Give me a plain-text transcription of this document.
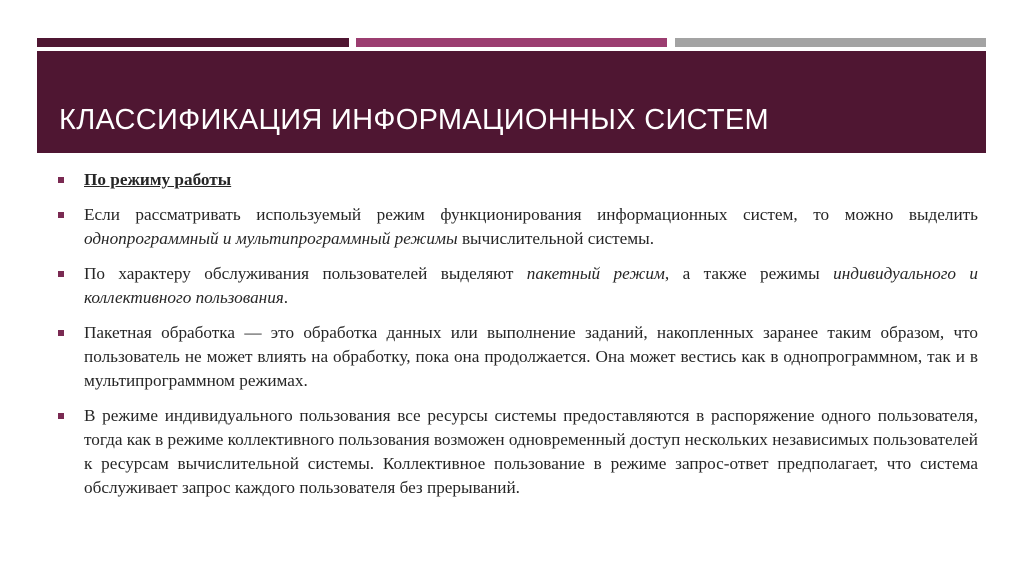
КЛАССИФИКАЦИЯ ИНФОРМАЦИОННЫХ СИСТЕМ
По режиму работы
Если рассматривать используемый режим функционирования информационных систем, то можно выделить однопрограммный и мультипрограммный режимы вычислительной системы.
По характеру обслуживания пользователей выделяют пакетный режим, а также режимы индивидуального и коллективного пользования.
Пакетная обработка — это обработка данных или выполнение заданий, накопленных заранее таким образом, что пользователь не может влиять на обработку, пока она продолжается. Она может вестись как в однопрограммном, так и в мультипрограммном режимах.
В режиме индивидуального пользования все ресурсы системы предоставляются в распоряжение одного пользователя, тогда как в режиме коллективного пользования возможен одновременный доступ нескольких независимых пользователей к ресурсам вычислительной системы. Коллективное пользование в режиме запрос-ответ предполагает, что система обслуживает запрос каждого пользователя без прерываний.
